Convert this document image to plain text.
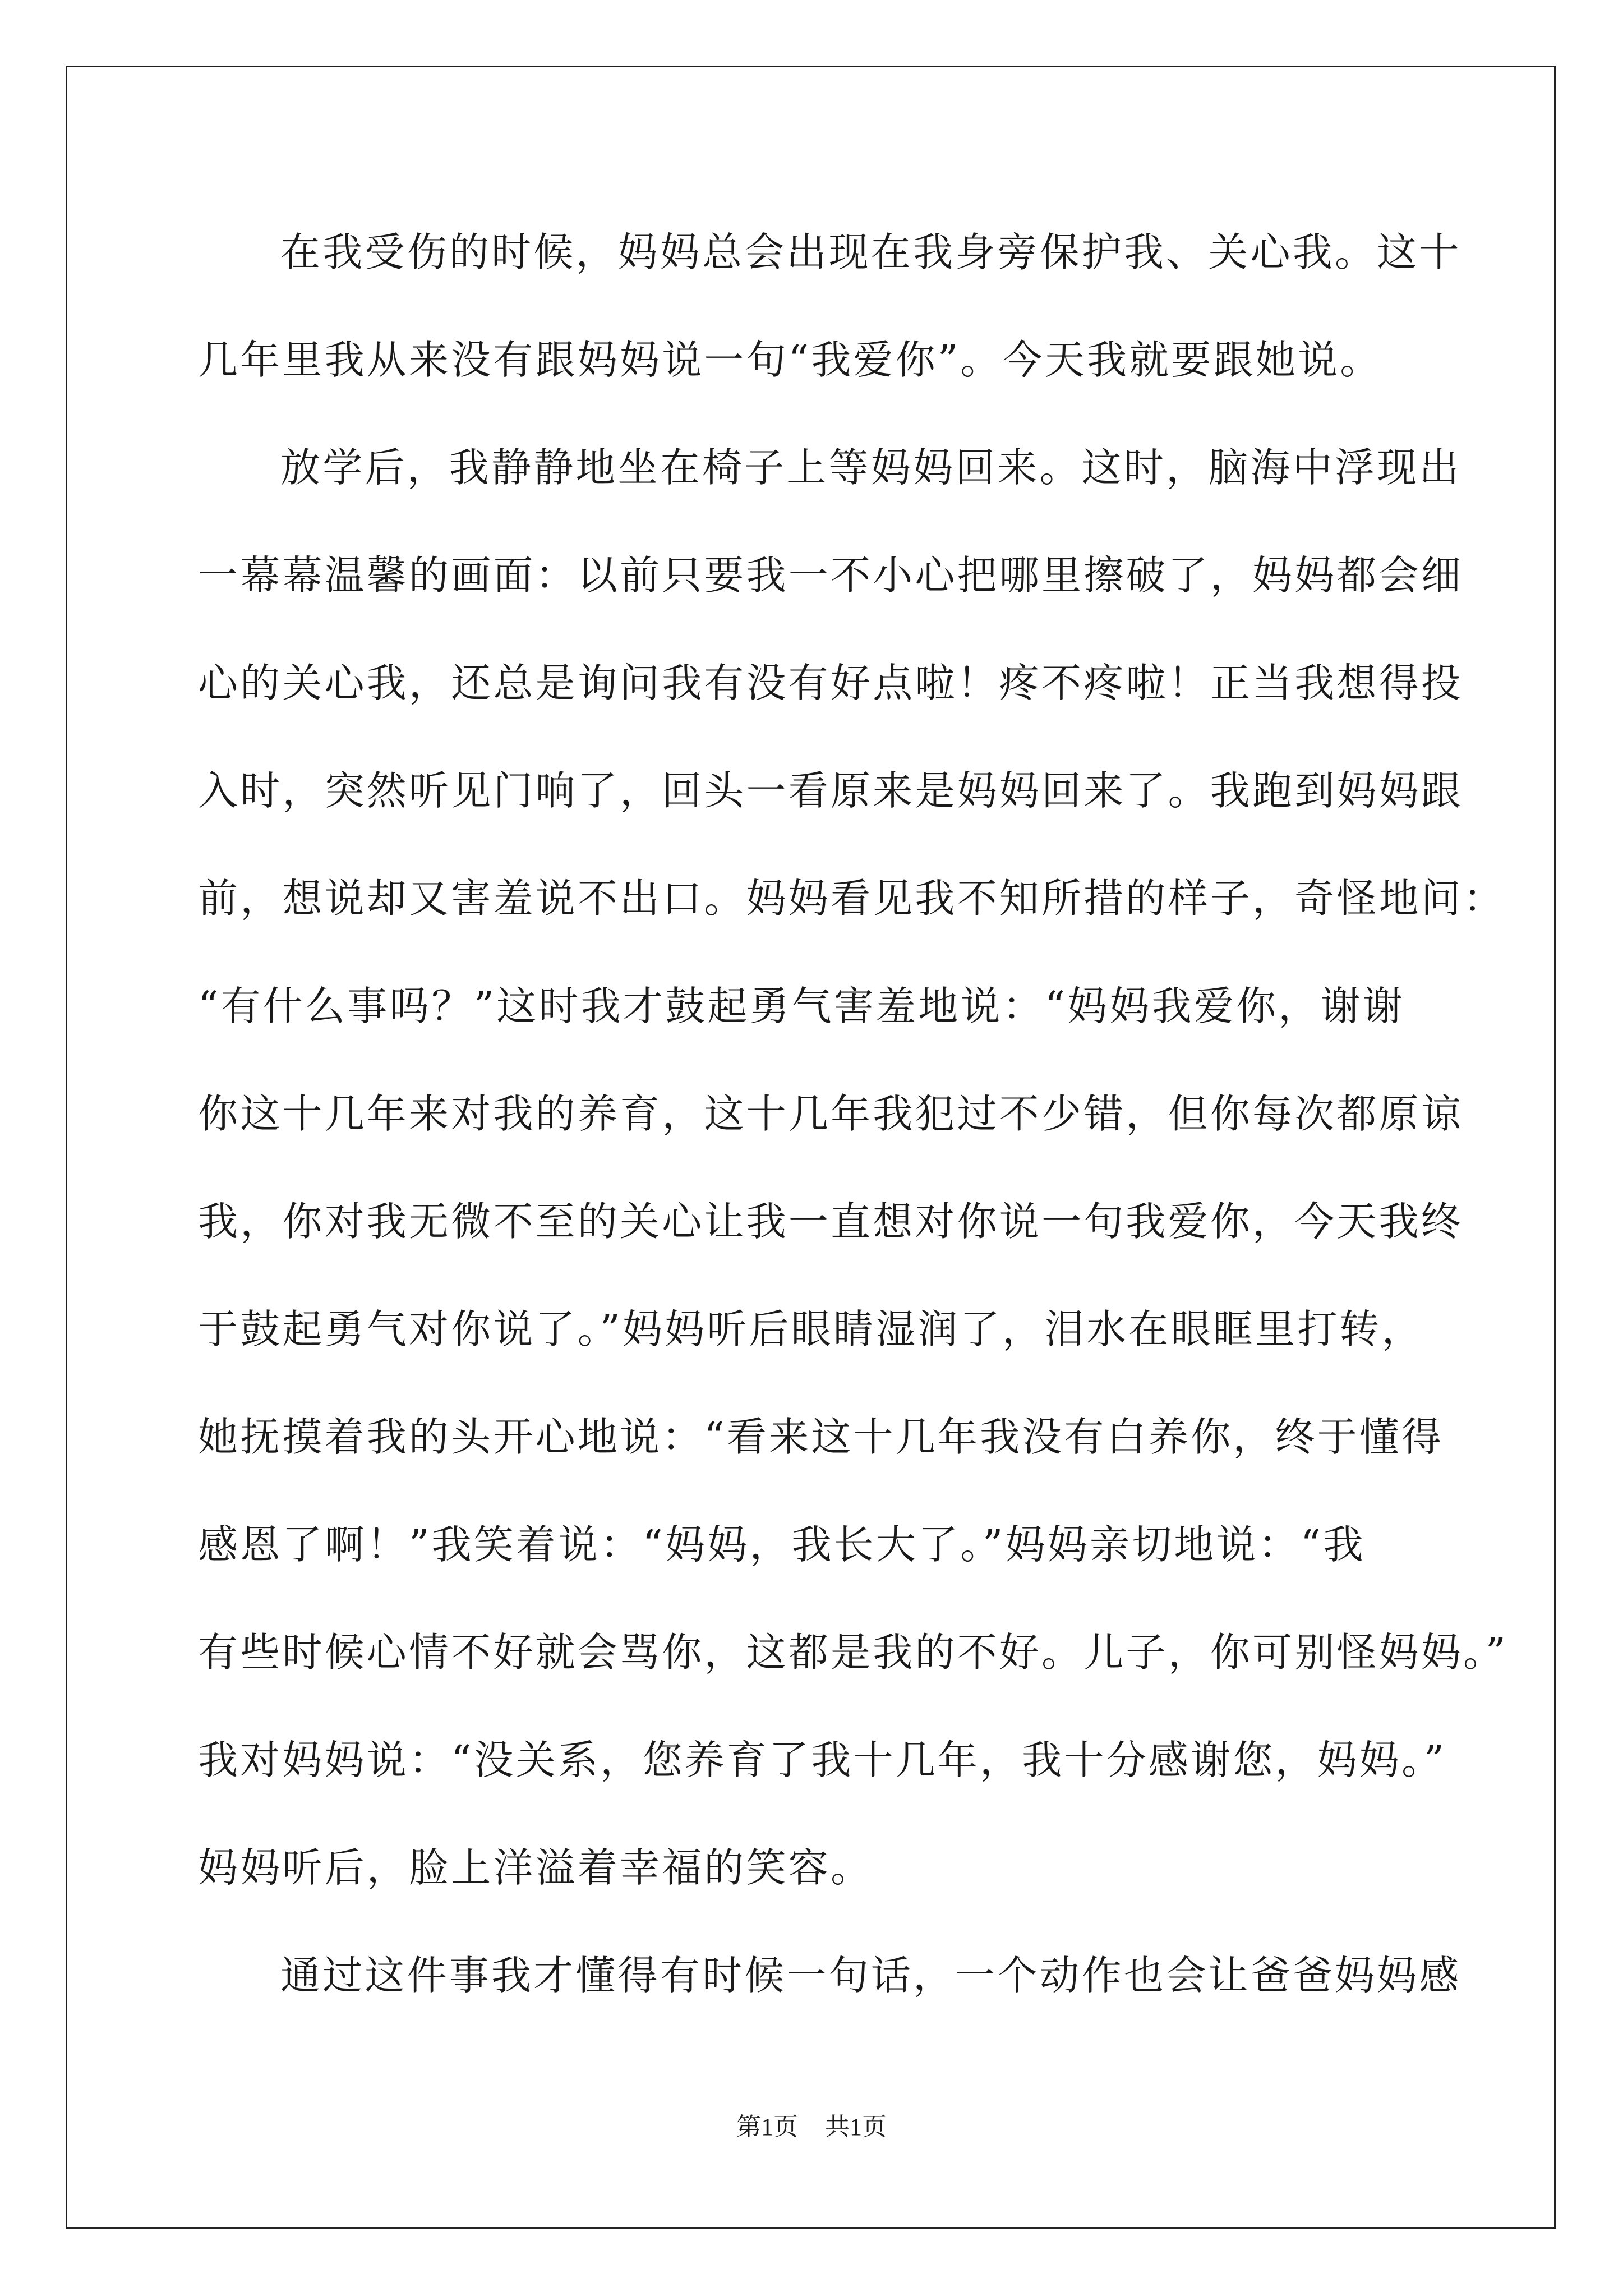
在我受伤的时候，妈妈总会出现在我身旁保护我、关心我。这十

几年里我从来没有跟妈妈说一句“我爱你”。今天我就要跟她说。

放学后，我静静地坐在椅子上等妈妈回来。这时，脑海中浮现出

一幕幕温馨的画面：以前只要我一不小心把哪里擦破了，妈妈都会细

心的关心我，还总是询问我有没有好点啦！疼不疼啦！正当我想得投

入时，突然听见门响了，回头一看原来是妈妈回来了。我跑到妈妈跟

前，想说却又害羞说不出口。妈妈看见我不知所措的样子，奇怪地问：

“有什么事吗？”这时我才鼓起勇气害羞地说：“妈妈我爱你，谢谢

你这十几年来对我的养育，这十几年我犯过不少错，但你每次都原谅

我，你对我无微不至的关心让我一直想对你说一句我爱你，今天我终

于鼓起勇气对你说了。”妈妈听后眼睛湿润了，泪水在眼眶里打转，

她抚摸着我的头开心地说：“看来这十几年我没有白养你，终于懂得

感恩了啊！”我笑着说：“妈妈，我长大了。”妈妈亲切地说：“我

有些时候心情不好就会骂你，这都是我的不好。儿子，你可别怪妈妈。”

我对妈妈说：“没关系，您养育了我十几年，我十分感谢您，妈妈。”

妈妈听后，脸上洋溢着幸福的笑容。

通过这件事我才懂得有时候一句话，一个动作也会让爸爸妈妈感

第1页 共1页
